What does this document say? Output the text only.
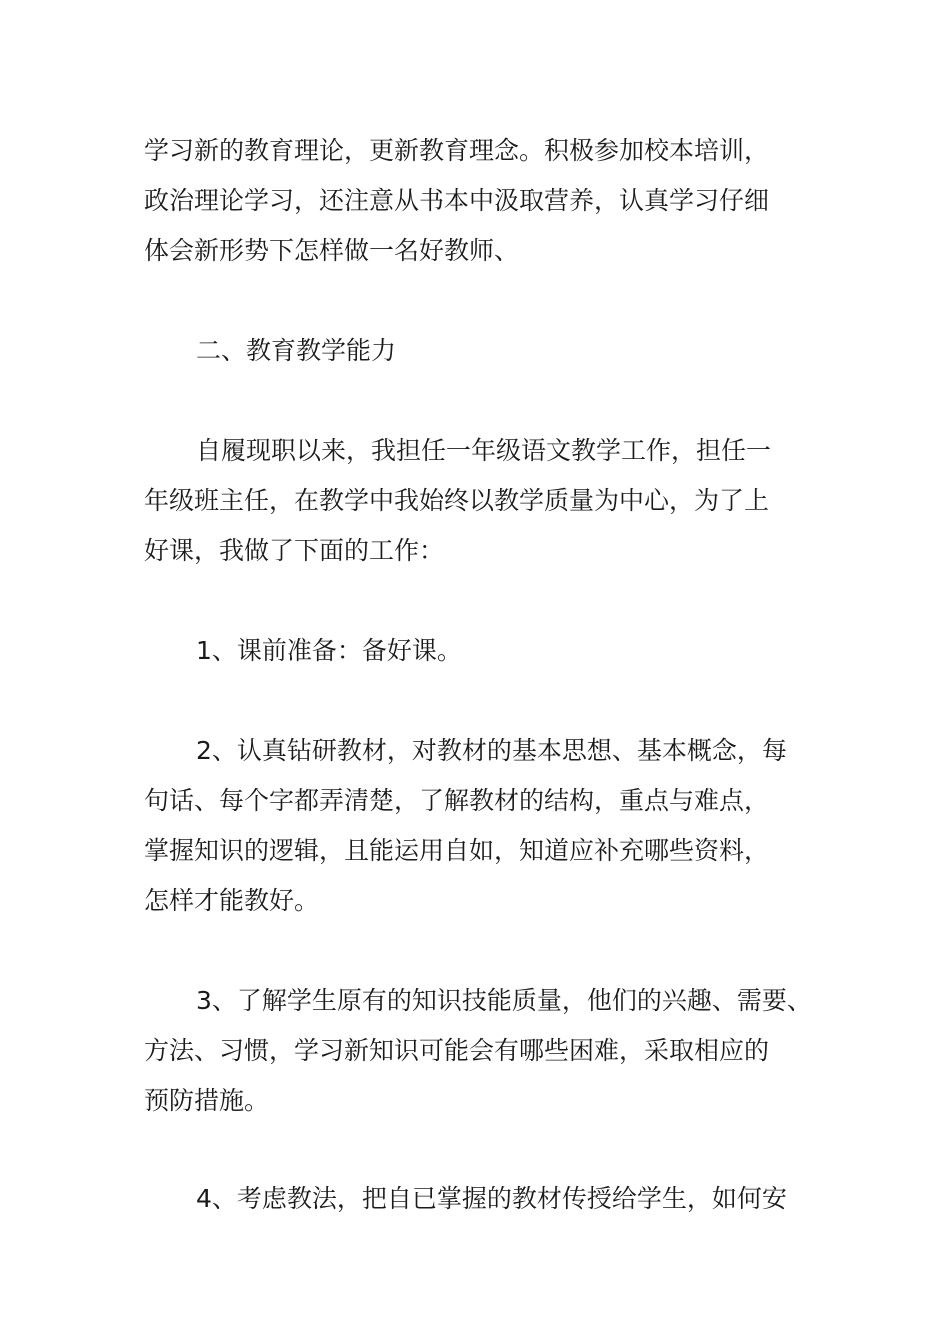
学习新的教育理论，更新教育理念。积极参加校本培训，
政治理论学习，还注意从书本中汲取营养，认真学习仔细
体会新形势下怎样做一名好教师、
二、教育教学能力
自履现职以来，我担任一年级语文教学工作，担任一
年级班主任，在教学中我始终以教学质量为中心，为了上
好课，我做了下面的工作：
1、课前准备：备好课。
2、认真钻研教材，对教材的基本思想、基本概念，每
句话、每个字都弄清楚，了解教材的结构，重点与难点，
掌握知识的逻辑，且能运用自如，知道应补充哪些资料，
怎样才能教好。
3、了解学生原有的知识技能质量，他们的兴趣、需要、
方法、习惯，学习新知识可能会有哪些困难，采取相应的
预防措施。
4、考虑教法，把自已掌握的教材传授给学生，如何安
